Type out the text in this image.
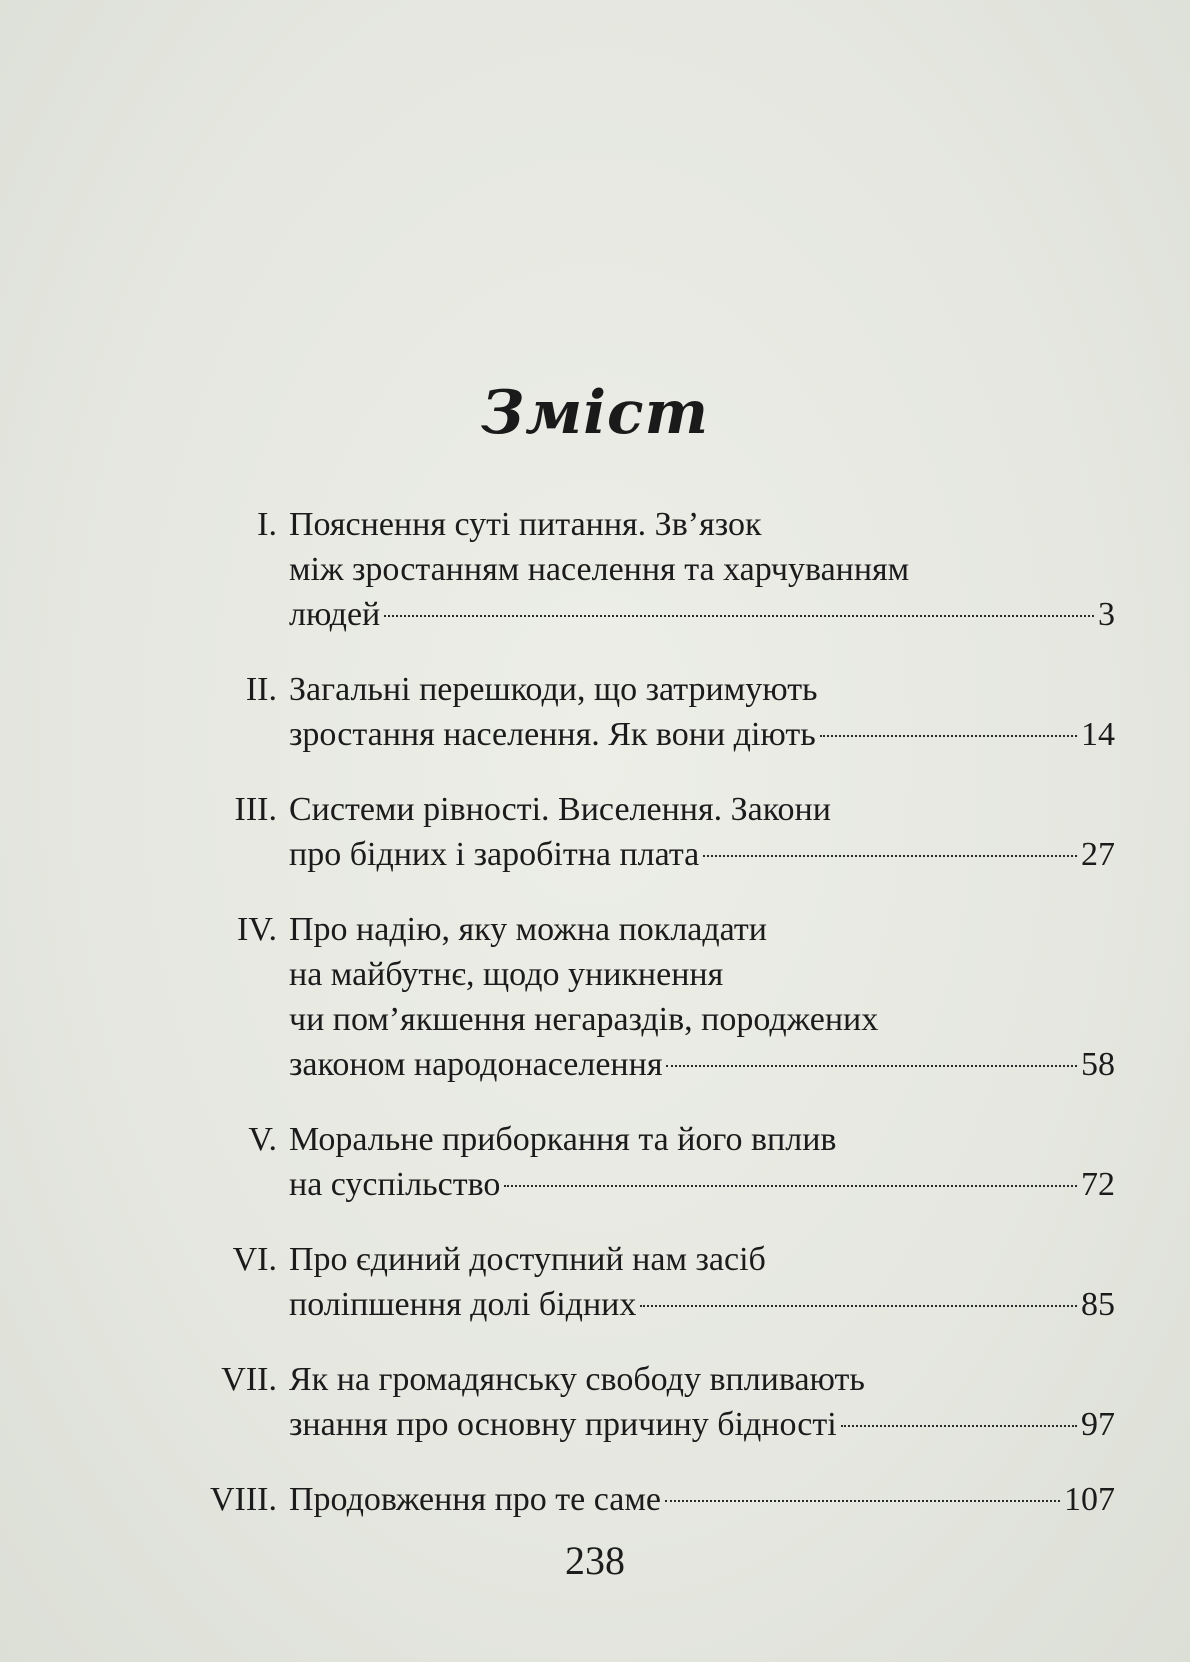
Зміст
I. Пояснення суті питання. Зв’язок
між зростанням населення та харчуванням
людей	3
II. Загальні перешкоди, що затримують
зростання населення. Як вони діють	14
III. Системи рівності. Виселення. Закони
про бідних і заробітна плата	27
IV. Про надію, яку можна покладати
на майбутнє, щодо уникнення
чи пом’якшення негараздів, породжених
законом народонаселення	58
V. Моральне приборкання та його вплив
на суспільство	72
VI. Про єдиний доступний нам засіб
поліпшення долі бідних	85
VII. Як на громадянську свободу впливають
знання про основну причину бідності	97
VIII. Продовження про те саме	107
238
